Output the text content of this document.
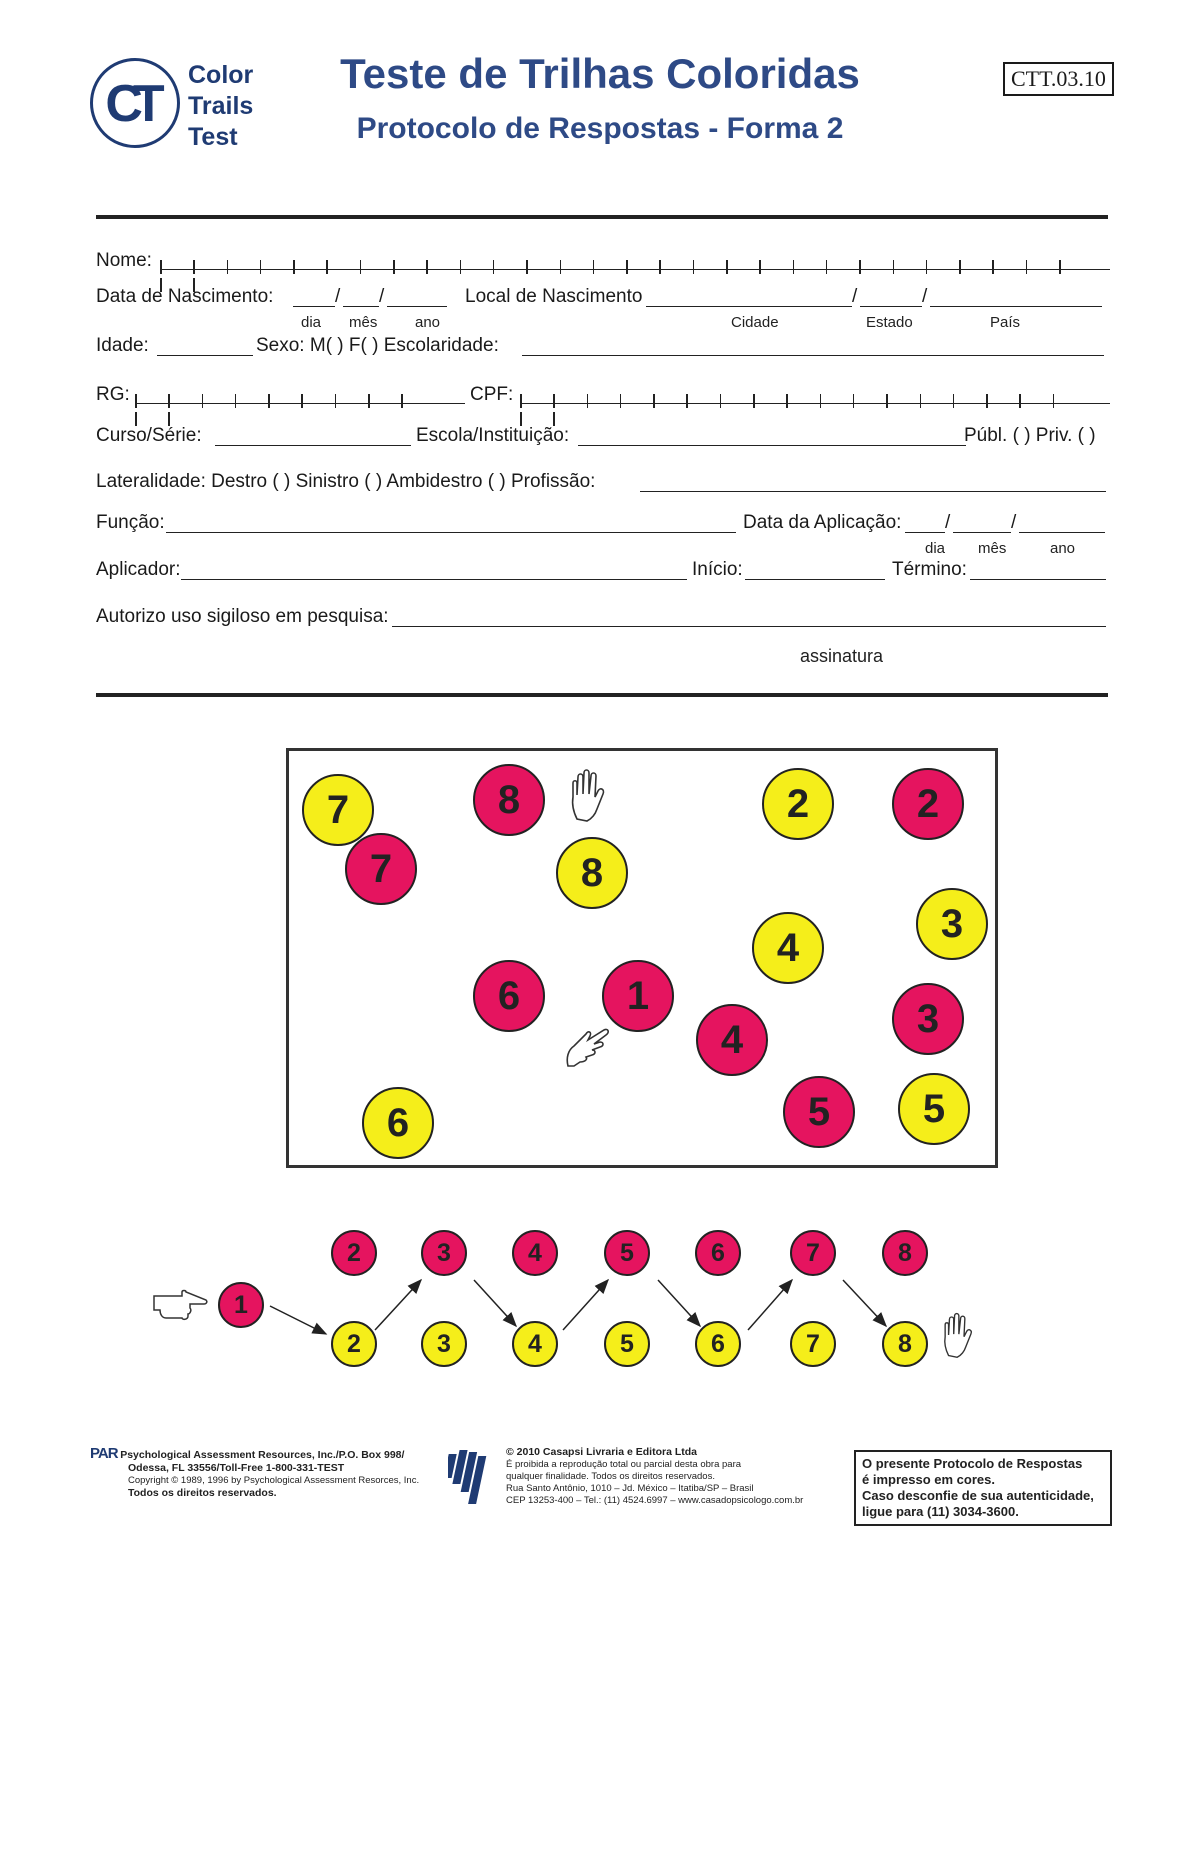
CT	Color
Trails
Test
Teste de Trilhas Coloridas
Protocolo de Respostas - Forma 2
CTT.03.10
Nome:
Data de Nascimento:	/ /	Local de Nascimento	/	/
dia mês	ano	Cidade	Estado	País
Idade:	Sexo: M( ) F( ) Escolaridade:
RG:	CPF:
Curso/Série:	Escola/Instituição:	Públ. ( ) Priv. ( )
Lateralidade: Destro ( ) Sinistro ( ) Ambidestro ( ) Profissão:
Função:	Data da Aplicação: /	/
dia mês	ano
Aplicador:	Início:	Término:
Autorizo uso sigiloso em pesquisa:
assinatura
7	8	2	2
7	8
3
4
6	1
3
4
6	5 5
1
2	3	4	5	6	7	8
2	3	4	5	6	7	8
PAR Psychological Assessment Resources, Inc./P.O. Box 998/
Odessa, FL 33556/Toll-Free 1-800-331-TEST
Copyright © 1989, 1996 by Psychological Assessment Resorces, Inc.
Todos os direitos reservados.
© 2010 Casapsi Livraria e Editora Ltda
É proibida a reprodução total ou parcial desta obra para
qualquer finalidade. Todos os direitos reservados.
Rua Santo Antônio, 1010 – Jd. México – Itatiba/SP – Brasil
CEP 13253-400 – Tel.: (11) 4524.6997 – www.casadopsicologo.com.br
O presente Protocolo de Respostas
é impresso em cores.
Caso desconfie de sua autenticidade,
ligue para (11) 3034-3600.
